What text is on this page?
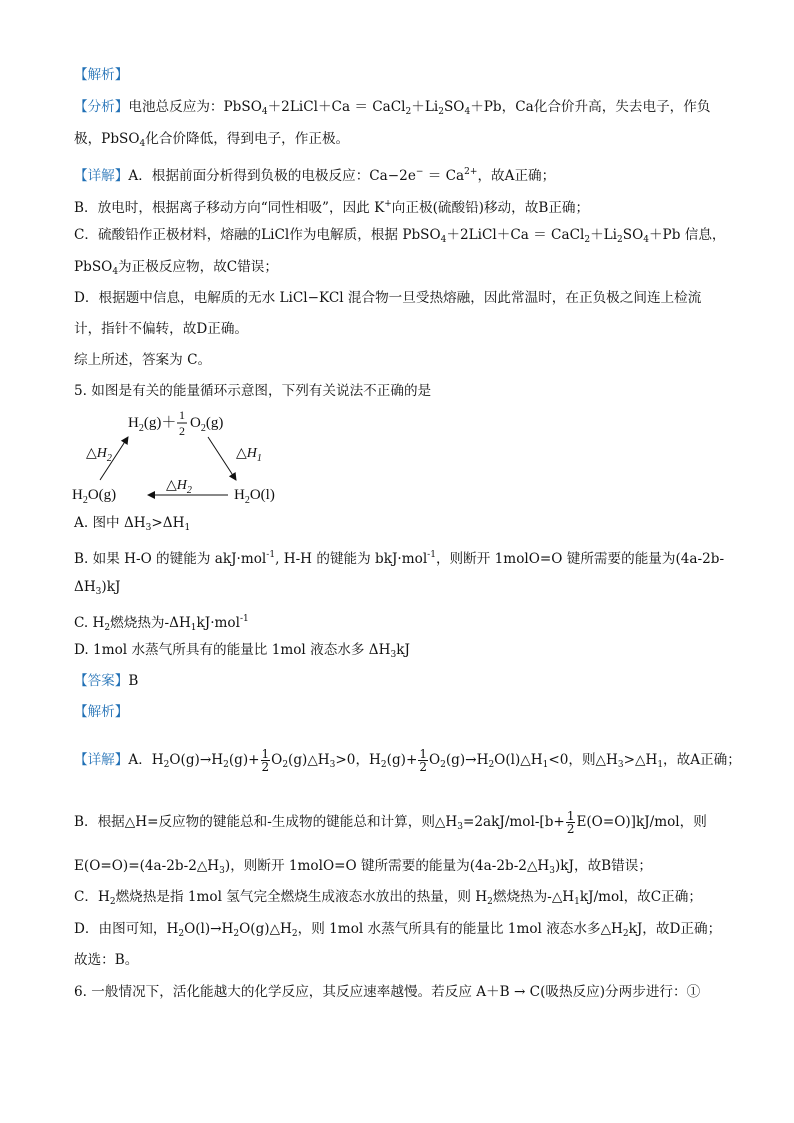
【解析】
【分析】电池总反应为：PbSO$_4$＋2LiCl＋Ca ＝ $CaCl_2+Li_2SO_4+Pb$，Ca化合价升高，失去电子，作负
极，PbSO$_4$化合价降低，得到电子，作正极。
【详解】A．根据前面分析得到负极的电极反应：$Ca-2e^- = Ca^{2+}$，故A正确；
B．放电时，根据离子移动方向“同性相吸”，因此 K+向正极(硫酸铅)移动，故B正确；
C．硫酸铅作正极材料，熔融的LiCl作为电解质，根据 PbSO$_4$＋2LiCl＋Ca ＝ $CaCl_2+Li_2SO_4+Pb$ 信息，
PbSO$_4$为正极反应物，故C错误；
D．根据题中信息，电解质的无水 LiCl−KCl 混合物一旦受热熔融，因此常温时，在正负极之间连上检流
计，指针不偏转，故D正确。
综上所述，答案为 C。
5. 如图是有关的能量循环示意图，下列有关说法不正确的是
$H_2(g)+ 1$
2 $O_2(g)$
$\triangle H_2$	$\triangle H_1$
$\triangle H_2$
$H_2O(g)$	$H_2O(l)$
A. 图中 $\Delta H_3>\Delta H_1$
B. 如果 H-O 的键能为 akJ·mol$^{-1}$, H-H 的键能为 bkJ·mol$^{-1}$，则断开 1molO=O 键所需要的能量为(4a-2b-
$\Delta H_3)kJ$
C. $H_2$燃烧热为$-\Delta H_1kJ\cdot mol^{-1}$
D. 1mol 水蒸气所具有的能量比 1mol 液态水多 $\Delta H_3kJ$
【答案】B
【解析】
【详解】A．$H_2O(g)\to H_2(g)+ \frac{1}{2}$ $O_2(g)\triangle H_3>0$，$H_2(g)+ \frac{1}{2}$ $O_2(g)\to H_2O(l)\triangle H_1<0$，则$\triangle H_3>\triangle H_1$，故A正确；
B．根据△H=反应物的键能总和-生成物的键能总和计算，则$\triangle H_3=2akJ/mol-[b+ \frac{1}{2} E(O=O)]kJ/mol$，则
$E(O=O)=(4a-2b-2\triangle H_3)$，则断开 1molO=O 键所需要的能量为$(4a-2b-2\triangle H_3)kJ$，故B错误；
C．$H_2$燃烧热是指 1mol 氢气完全燃烧生成液态水放出的热量，则 $H_2$燃烧热为$-\triangle H_1kJ$/mol，故C正确；
D．由图可知，$H_2O(l)\to H_2O(g)\triangle H_2$，则 1mol 水蒸气所具有的能量比 1mol 液态水多$\triangle H_2kJ$，故D正确；
故选：B。
6. 一般情况下，活化能越大的化学反应，其反应速率越慢。若反应 A＋B → C(吸热反应)分两步进行：①
